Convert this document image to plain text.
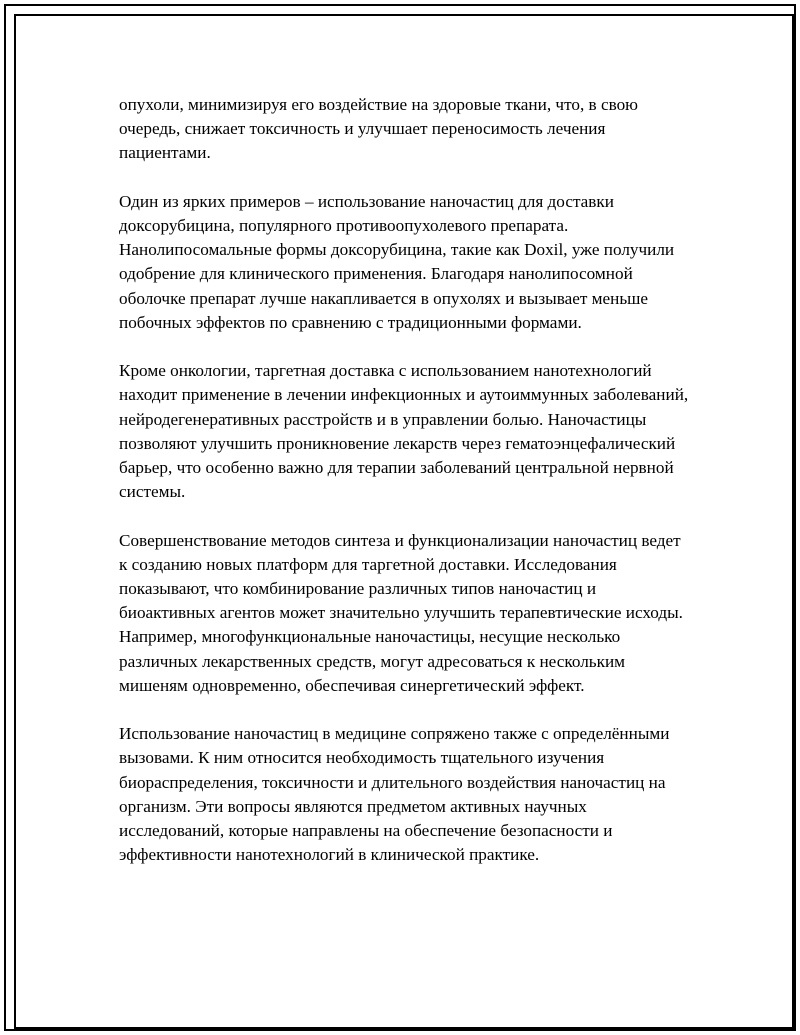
опухоли, минимизируя его воздействие на здоровые ткани, что, в свою очередь, снижает токсичность и улучшает переносимость лечения пациентами.

Один из ярких примеров – использование наночастиц для доставки доксорубицина, популярного противоопухолевого препарата. Нанолипосомальные формы доксорубицина, такие как Doxil, уже получили одобрение для клинического применения. Благодаря нанолипосомной оболочке препарат лучше накапливается в опухолях и вызывает меньше побочных эффектов по сравнению с традиционными формами.

Кроме онкологии, таргетная доставка с использованием нанотехнологий находит применение в лечении инфекционных и аутоиммунных заболеваний, нейродегенеративных расстройств и в управлении болью. Наночастицы позволяют улучшить проникновение лекарств через гематоэнцефалический барьер, что особенно важно для терапии заболеваний центральной нервной системы.

Совершенствование методов синтеза и функционализации наночастиц ведет к созданию новых платформ для таргетной доставки. Исследования показывают, что комбинирование различных типов наночастиц и биоактивных агентов может значительно улучшить терапевтические исходы. Например, многофункциональные наночастицы, несущие несколько различных лекарственных средств, могут адресоваться к нескольким мишеням одновременно, обеспечивая синергетический эффект.

Использование наночастиц в медицине сопряжено также с определёнными вызовами. К ним относится необходимость тщательного изучения биораспределения, токсичности и длительного воздействия наночастиц на организм. Эти вопросы являются предметом активных научных исследований, которые направлены на обеспечение безопасности и эффективности нанотехнологий в клинической практике.
